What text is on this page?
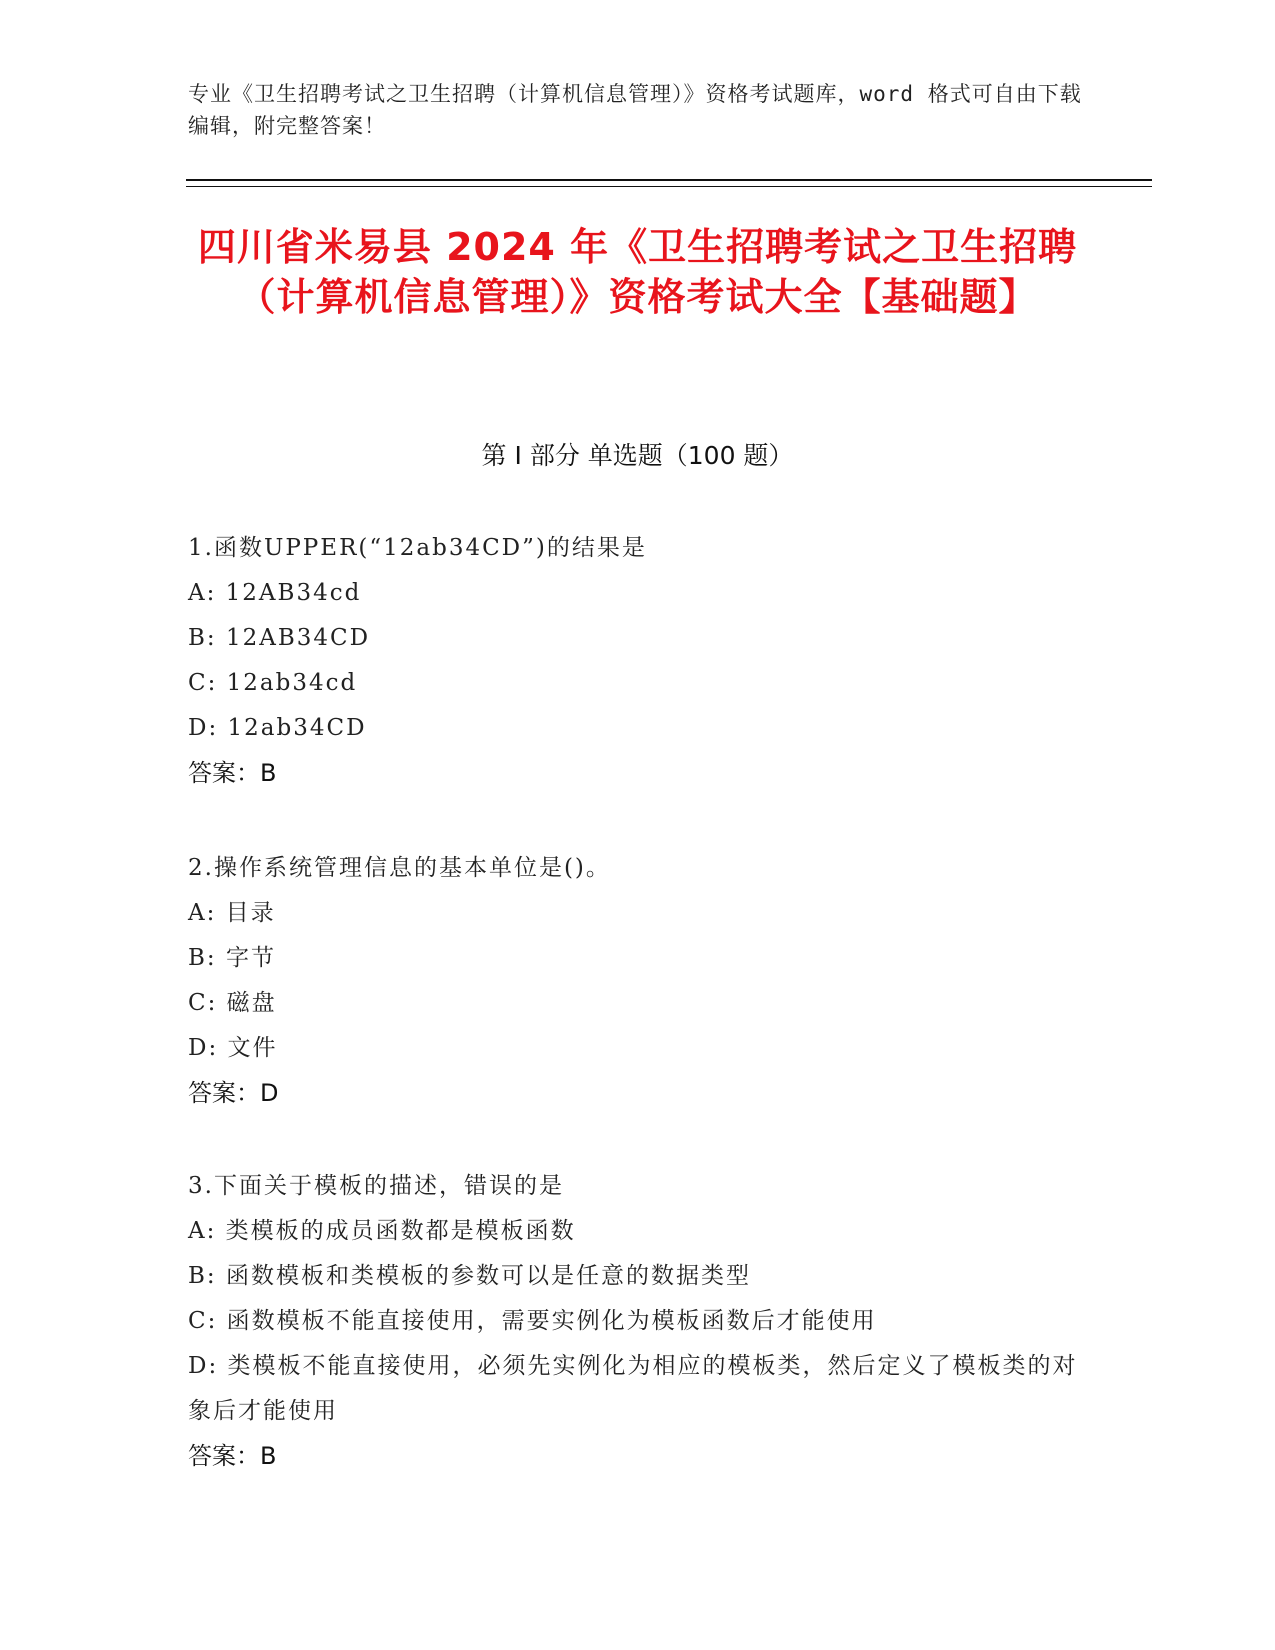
专业《卫生招聘考试之卫生招聘（计算机信息管理）》资格考试题库，word 格式可自由下载编辑，附完整答案！
四川省米易县 2024 年《卫生招聘考试之卫生招聘（计算机信息管理）》资格考试大全【基础题】
第 I 部分 单选题（100 题）
1.函数UPPER(“12ab34CD”)的结果是
A: 12AB34cd
B: 12AB34CD
C: 12ab34cd
D: 12ab34CD
答案：B
2.操作系统管理信息的基本单位是()。
A: 目录
B: 字节
C: 磁盘
D: 文件
答案：D
3.下面关于模板的描述，错误的是
A: 类模板的成员函数都是模板函数
B: 函数模板和类模板的参数可以是任意的数据类型
C: 函数模板不能直接使用，需要实例化为模板函数后才能使用
D: 类模板不能直接使用，必须先实例化为相应的模板类，然后定义了模板类的对象后才能使用
答案：B
